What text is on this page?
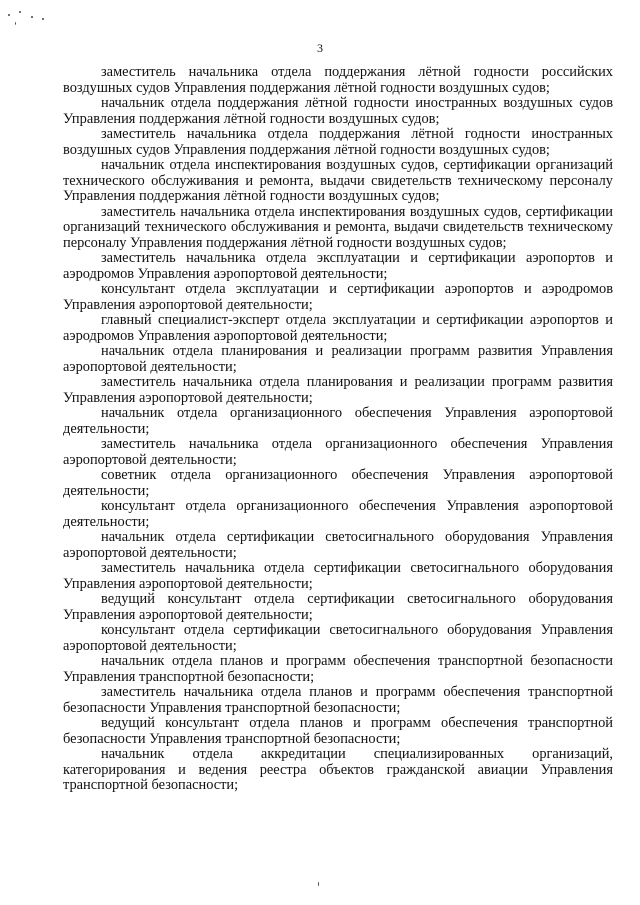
3

заместитель начальника отдела поддержания лётной годности российских воздушных судов Управления поддержания лётной годности воздушных судов;

начальник отдела поддержания лётной годности иностранных воздушных судов Управления поддержания лётной годности воздушных судов;

заместитель начальника отдела поддержания лётной годности иностранных воздушных судов Управления поддержания лётной годности воздушных судов;

начальник отдела инспектирования воздушных судов, сертификации организаций технического обслуживания и ремонта, выдачи свидетельств техническому персоналу Управления поддержания лётной годности воздушных судов;

заместитель начальника отдела инспектирования воздушных судов, сертификации организаций технического обслуживания и ремонта, выдачи свидетельств техническому персоналу Управления поддержания лётной годности воздушных судов;

заместитель начальника отдела эксплуатации и сертификации аэропортов и аэродромов Управления аэропортовой деятельности;

консультант отдела эксплуатации и сертификации аэропортов и аэродромов Управления аэропортовой деятельности;

главный специалист-эксперт отдела эксплуатации и сертификации аэропортов и аэродромов Управления аэропортовой деятельности;

начальник отдела планирования и реализации программ развития Управления аэропортовой деятельности;

заместитель начальника отдела планирования и реализации программ развития Управления аэропортовой деятельности;

начальник отдела организационного обеспечения Управления аэропортовой деятельности;

заместитель начальника отдела организационного обеспечения Управления аэропортовой деятельности;

советник отдела организационного обеспечения Управления аэропортовой деятельности;

консультант отдела организационного обеспечения Управления аэропортовой деятельности;

начальник отдела сертификации светосигнального оборудования Управления аэропортовой деятельности;

заместитель начальника отдела сертификации светосигнального оборудования Управления аэропортовой деятельности;

ведущий консультант отдела сертификации светосигнального оборудования Управления аэропортовой деятельности;

консультант отдела сертификации светосигнального оборудования Управления аэропортовой деятельности;

начальник отдела планов и программ обеспечения транспортной безопасности Управления транспортной безопасности;

заместитель начальника отдела планов и программ обеспечения транспортной безопасности Управления транспортной безопасности;

ведущий консультант отдела планов и программ обеспечения транспортной безопасности Управления транспортной безопасности;

начальник отдела аккредитации специализированных организаций, категорирования и ведения реестра объектов гражданской авиации Управления транспортной безопасности;
